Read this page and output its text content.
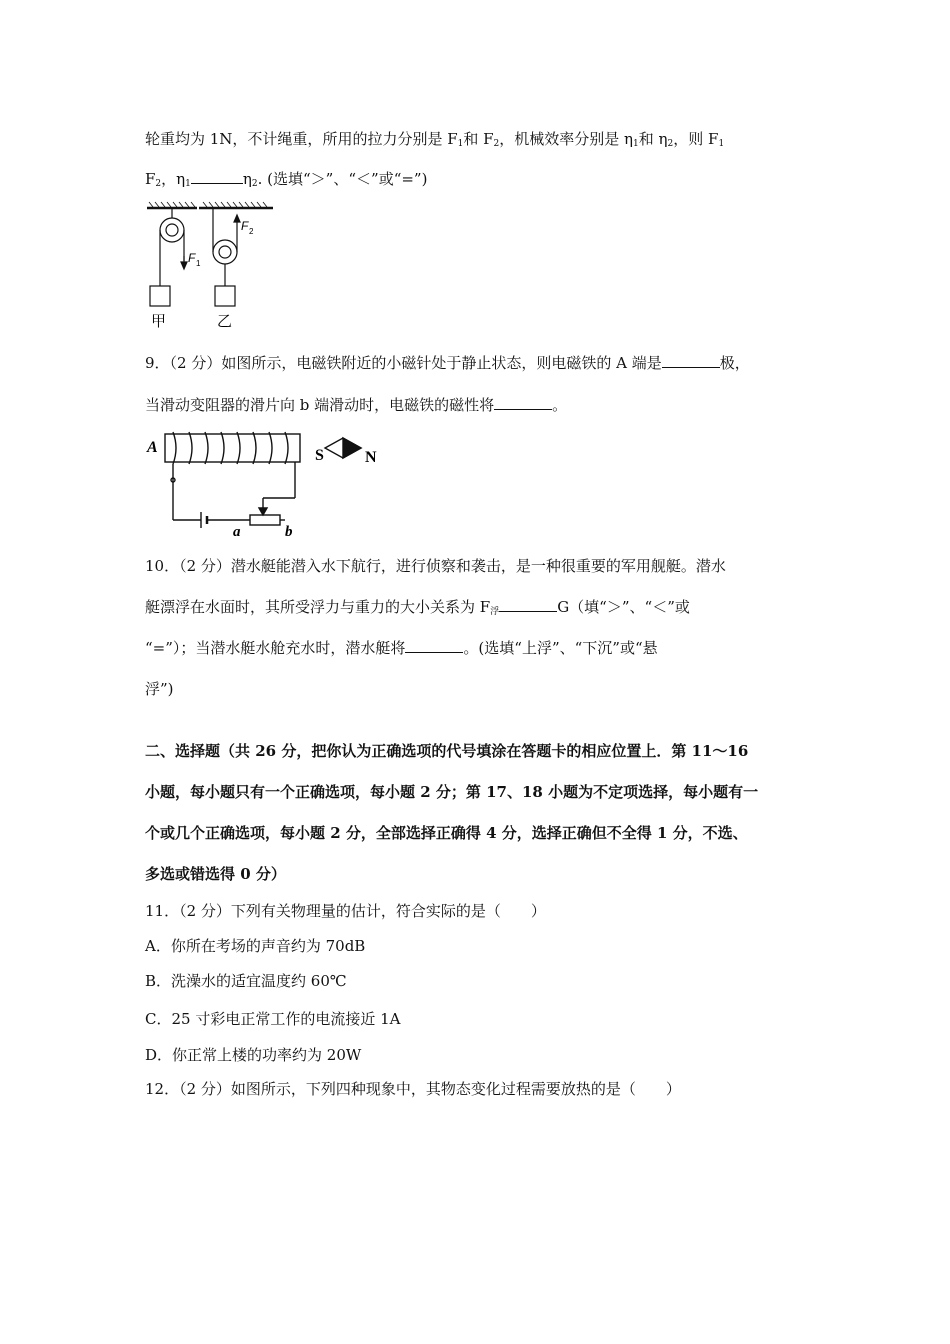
轮重均为 1N，不计绳重，所用的拉力分别是 $F_1$和 $F_2$，机械效率分别是 $\eta_1$和 $\eta_2$，则 $F_1$
$F_2$，$\eta_1$	$\eta_2$. (选填“＞”、“＜”或“=”)
F 1
F 2
甲	乙
9．（2 分）如图所示，电磁铁附近的小磁针处于静止状态，则电磁铁的 A 端是	极，
当滑动变阻器的滑片向 b 端滑动时，电磁铁的磁性将	。
A	S	N
a	b
10．（2 分）潜水艇能潜入水下航行，进行侦察和袭击，是一种很重要的军用舰艇。潜水
艇漂浮在水面时，其所受浮力与重力的大小关系为 $F_浮$	G（填“＞”、“＜”或
“=”）；当潜水艇水舱充水时，潜水艇将	。(选填“上浮”、“下沉”或“悬
浮”)
二、选择题（共 26 分，把你认为正确选项的代号填涂在答题卡的相应位置上．第 11～16
小题，每小题只有一个正确选项，每小题 2 分；第 17、18 小题为不定项选择，每小题有一
个或几个正确选项，每小题 2 分，全部选择正确得 4 分，选择正确但不全得 1 分，不选、
多选或错选得 0 分）
11．（2 分）下列有关物理量的估计，符合实际的是（　　）
A．你所在考场的声音约为 70dB
B．洗澡水的适宜温度约 60℃
C．25 寸彩电正常工作的电流接近 1A
D．你正常上楼的功率约为 20W
12．（2 分）如图所示，下列四种现象中，其物态变化过程需要放热的是（　　）
